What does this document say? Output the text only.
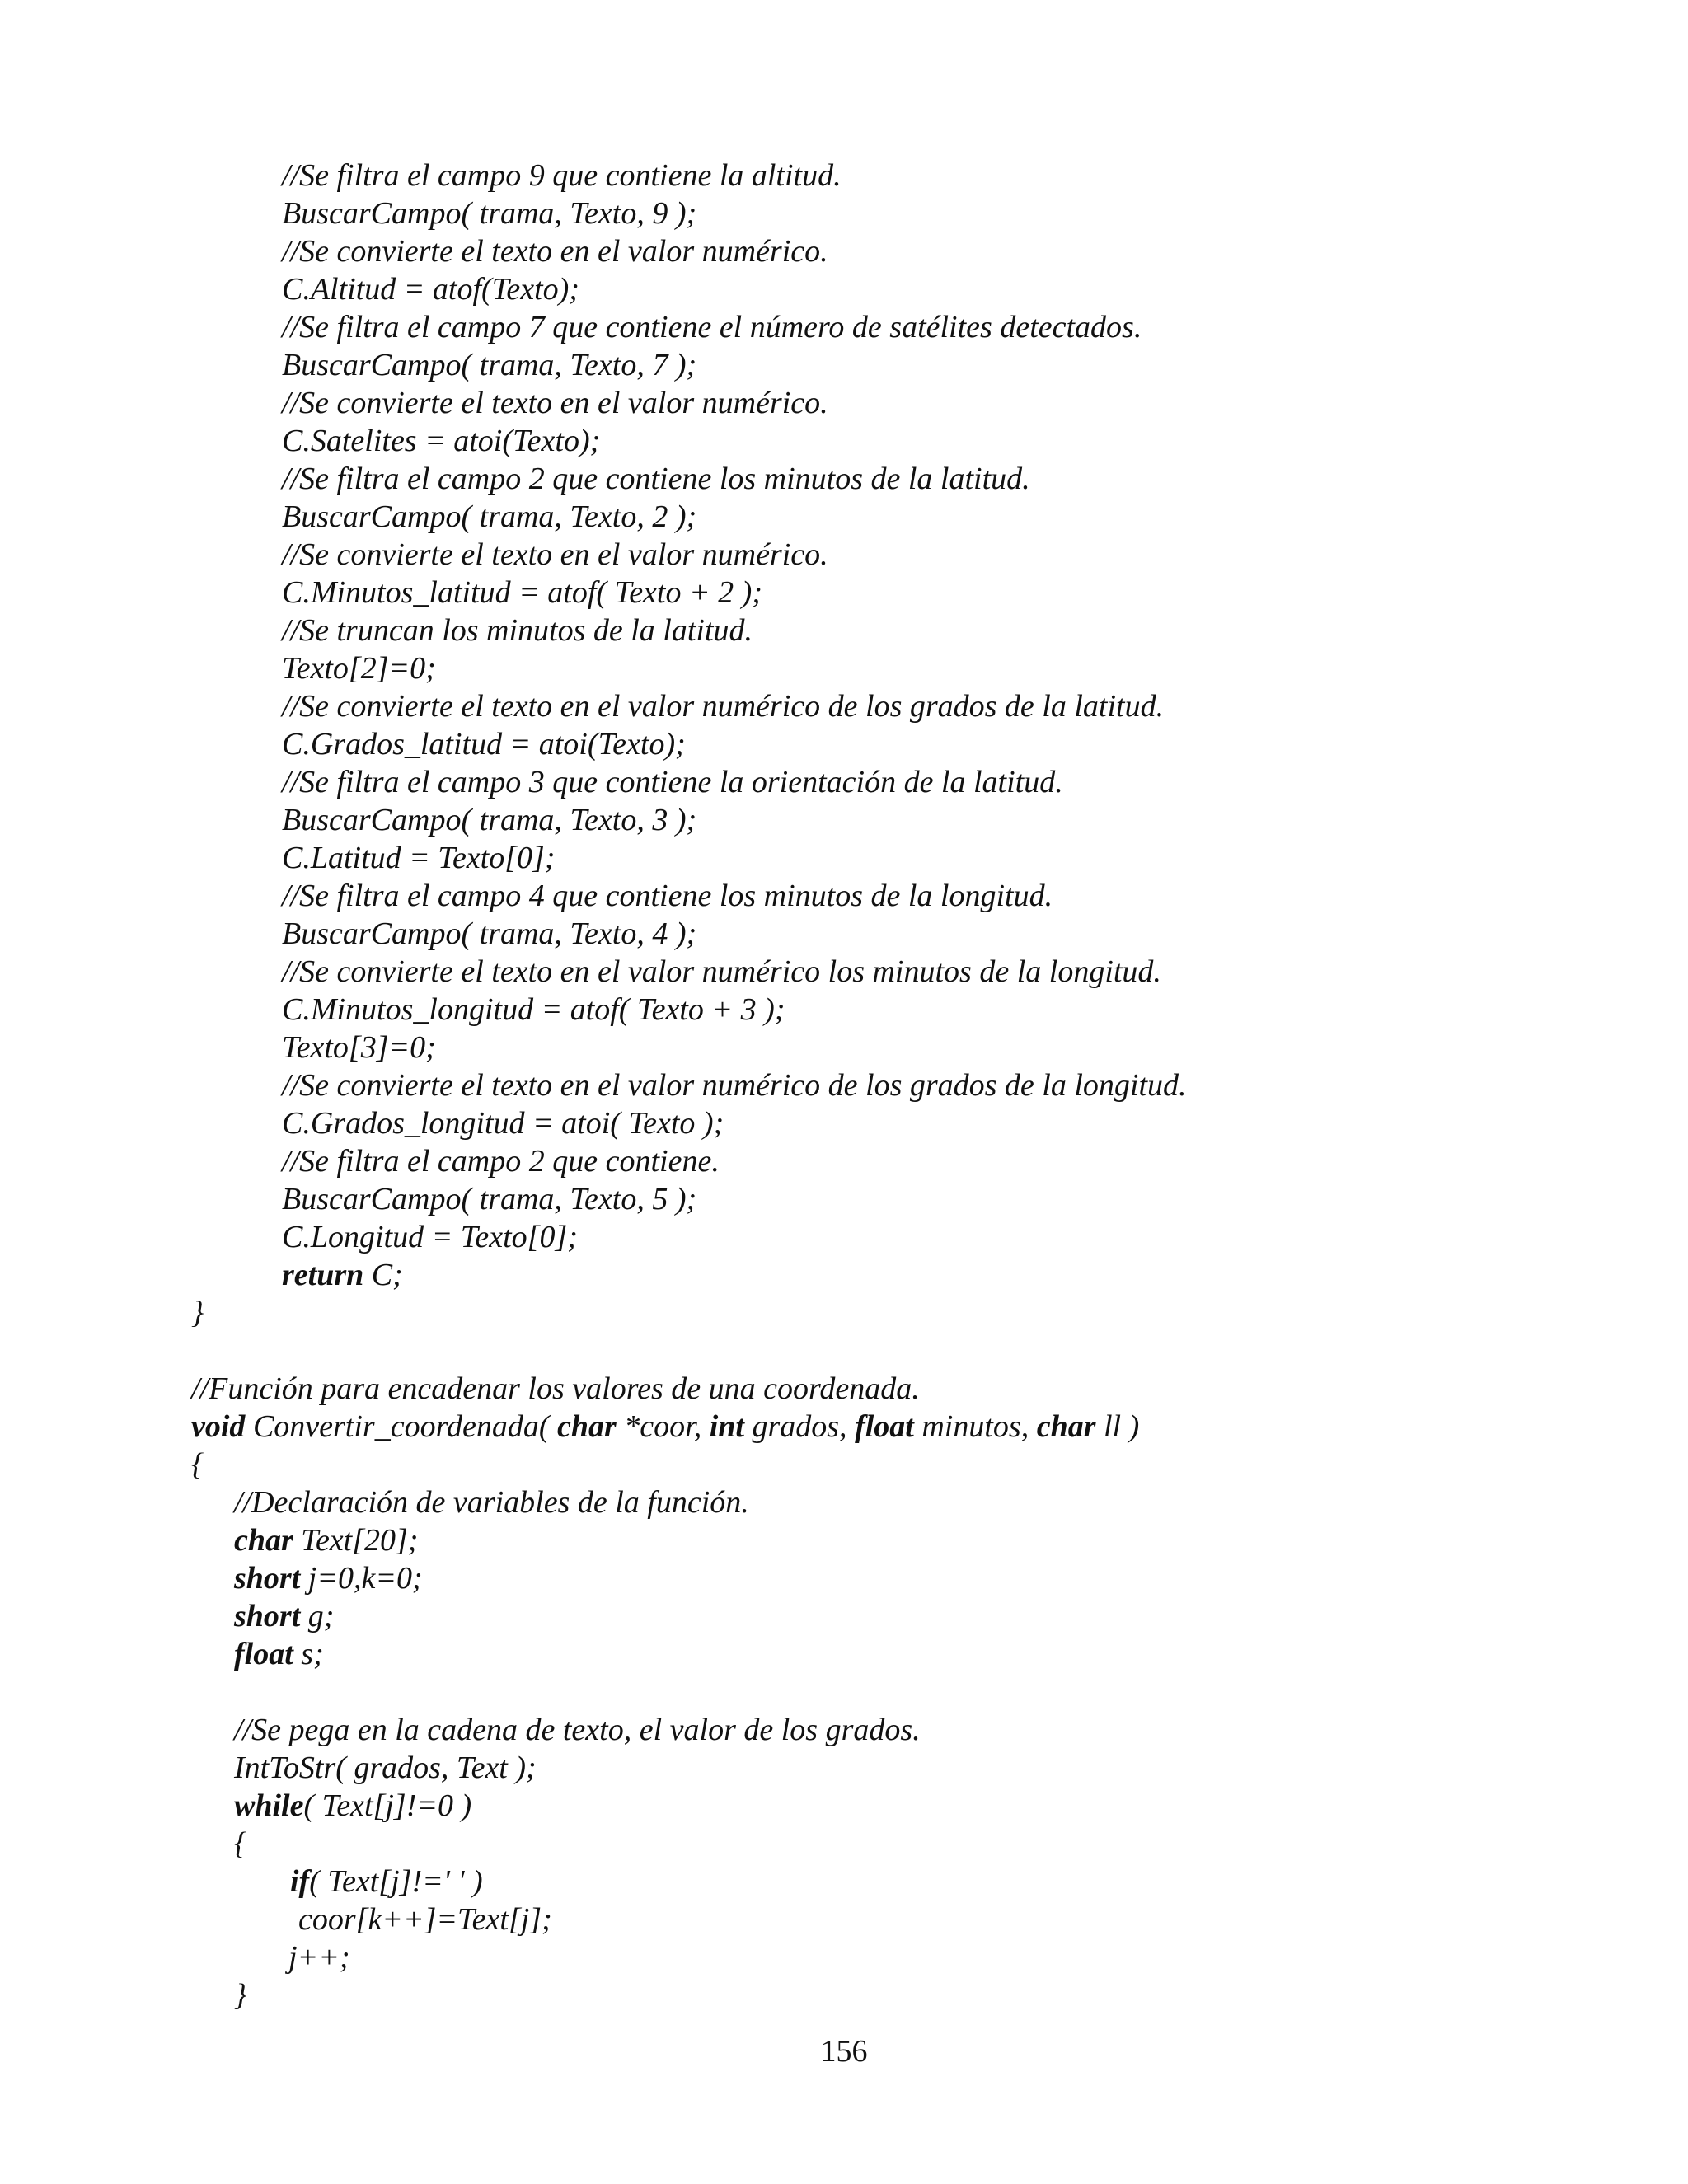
//Se filtra el campo 9 que contiene la altitud.
BuscarCampo( trama, Texto, 9 );
//Se convierte el texto en el valor numérico.
C.Altitud = atof(Texto);
//Se filtra el campo 7 que contiene el número de satélites detectados.
BuscarCampo( trama, Texto, 7 );
//Se convierte el texto en el valor numérico.
C.Satelites = atoi(Texto);
//Se filtra el campo 2 que contiene los minutos de la latitud.
BuscarCampo( trama, Texto, 2 );
//Se convierte el texto en el valor numérico.
C.Minutos_latitud = atof( Texto + 2 );
//Se truncan los minutos de la latitud.
Texto[2]=0;
//Se convierte el texto en el valor numérico de los grados de la latitud.
C.Grados_latitud = atoi(Texto);
//Se filtra el campo 3 que contiene la orientación de la latitud.
BuscarCampo( trama, Texto, 3 );
C.Latitud = Texto[0];
//Se filtra el campo 4 que contiene los minutos de la longitud.
BuscarCampo( trama, Texto, 4 );
//Se convierte el texto en el valor numérico los minutos de la longitud.
C.Minutos_longitud = atof( Texto + 3 );
Texto[3]=0;
//Se convierte el texto en el valor numérico de los grados de la longitud.
C.Grados_longitud = atoi( Texto );
//Se filtra el campo 2 que contiene.
BuscarCampo( trama, Texto, 5 );
C.Longitud = Texto[0];
return C;
}
//Función para encadenar los valores de una coordenada.
void Convertir_coordenada( char *coor, int grados, float minutos, char ll )
{
//Declaración de variables de la función.
char Text[20];
short j=0,k=0;
short g;
float s;
//Se pega en la cadena de texto, el valor de los grados.
IntToStr( grados, Text );
while( Text[j]!=0 )
{
if( Text[j]!=' ' )
coor[k++]=Text[j];
j++;
}
156
